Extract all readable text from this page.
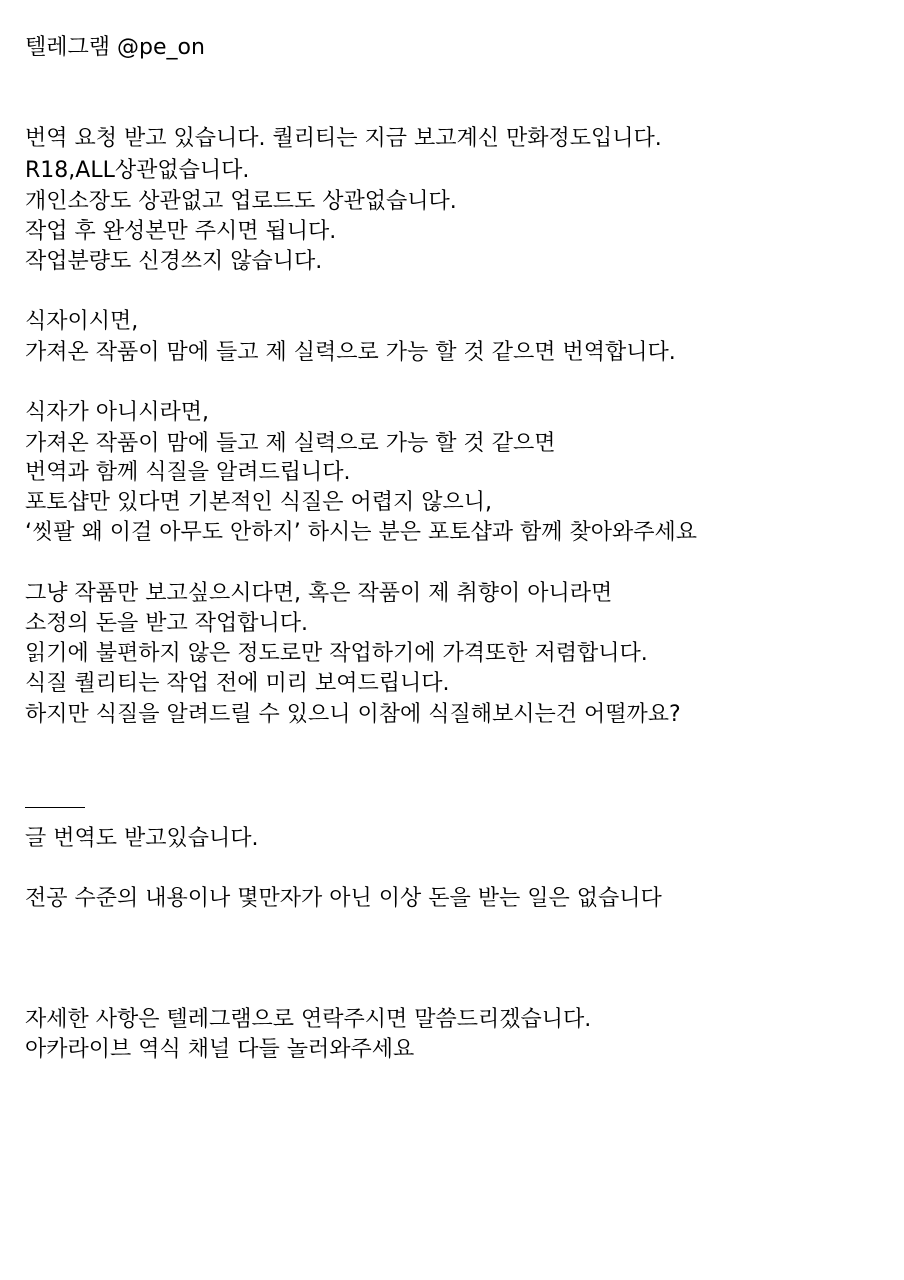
텔레그램 @pe_on
번역 요청 받고 있습니다. 퀄리티는 지금 보고계신 만화정도입니다.
R18,ALL상관없습니다.
개인소장도 상관없고 업로드도 상관없습니다.
작업 후 완성본만 주시면 됩니다.
작업분량도 신경쓰지 않습니다.
식자이시면,
가져온 작품이 맘에 들고 제 실력으로 가능 할 것 같으면 번역합니다.
식자가 아니시라면,
가져온 작품이 맘에 들고 제 실력으로 가능 할 것 같으면
번역과 함께 식질을 알려드립니다.
포토샵만 있다면 기본적인 식질은 어렵지 않으니,
‘씻팔 왜 이걸 아무도 안하지’ 하시는 분은 포토샵과 함께 찾아와주세요
그냥 작품만 보고싶으시다면, 혹은 작품이 제 취향이 아니라면
소정의 돈을 받고 작업합니다.
읽기에 불편하지 않은 정도로만 작업하기에 가격또한 저렴합니다.
식질 퀄리티는 작업 전에 미리 보여드립니다.
하지만 식질을 알려드릴 수 있으니 이참에 식질해보시는건 어떨까요?
글 번역도 받고있습니다.
전공 수준의 내용이나 몇만자가 아닌 이상 돈을 받는 일은 없습니다
자세한 사항은 텔레그램으로 연락주시면 말씀드리겠습니다.
아카라이브 역식 채널 다들 놀러와주세요
